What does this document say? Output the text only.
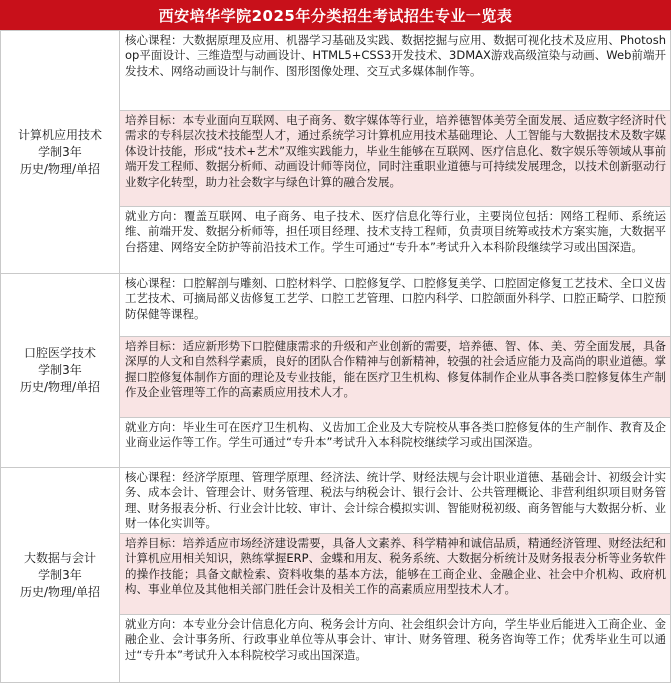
西安培华学院2025年分类招生考试招生专业一览表
计算机应用技术
学制3年
历史/物理/单招	核心课程：大数据原理及应用、机器学习基础及实践、数据挖掘与应用、数据可视化技术及应用、Photoshop平面设计、三维造型与动画设计、HTML5+CSS3开发技术、3DMAX游戏高级渲染与动画、Web前端开发技术、网络动画设计与制作、图形图像处理、交互式多媒体制作等。
	培养目标：本专业面向互联网、电子商务、数字媒体等行业，培养德智体美劳全面发展、适应数字经济时代需求的专科层次技术技能型人才，通过系统学习计算机应用技术基础理论、人工智能与大数据技术及数字媒体设计技能，形成“技术+艺术”双维实践能力，毕业生能够在互联网、医疗信息化、数字娱乐等领域从事前端开发工程师、数据分析师、动画设计师等岗位，同时注重职业道德与可持续发展理念，以技术创新驱动行业数字化转型，助力社会数字与绿色计算的融合发展。
	就业方向：覆盖互联网、电子商务、电子技术、医疗信息化等行业，主要岗位包括：网络工程师、系统运维、前端开发、数据分析师等，担任项目经理、技术支持工程师，负责项目统筹或技术方案实施，大数据平台搭建、网络安全防护等前沿技术工作。学生可通过“专升本”考试升入本科阶段继续学习或出国深造。

口腔医学技术
学制3年
历史/物理/单招	核心课程：口腔解剖与雕刻、口腔材料学、口腔修复学、口腔修复美学、口腔固定修复工艺技术、全口义齿工艺技术、可摘局部义齿修复工艺学、口腔工艺管理、口腔内科学、口腔颌面外科学、口腔正畸学、口腔预防保健等课程。
	培养目标：适应新形势下口腔健康需求的升级和产业创新的需要，培养德、智、体、美、劳全面发展，具备深厚的人文和自然科学素质，良好的团队合作精神与创新精神，较强的社会适应能力及高尚的职业道德。掌握口腔修复体制作方面的理论及专业技能，能在医疗卫生机构、修复体制作企业从事各类口腔修复体生产制作及企业管理等工作的高素质应用技术人才。
	就业方向：毕业生可在医疗卫生机构、义齿加工企业及大专院校从事各类口腔修复体的生产制作、教育及企业商业运作等工作。学生可通过“专升本”考试升入本科院校继续学习或出国深造。

大数据与会计
学制3年
历史/物理/单招	核心课程：经济学原理、管理学原理、经济法、统计学、财经法规与会计职业道德、基础会计、初级会计实务、成本会计、管理会计、财务管理、税法与纳税会计、银行会计、公共管理概论、非营利组织项目财务管理、财务报表分析、行业会计比较、审计、会计综合模拟实训、智能财税初级、商务智能与大数据分析、业财一体化实训等。
	培养目标：培养适应市场经济建设需要，具备人文素养、科学精神和诚信品质，精通经济管理、财经法纪和计算机应用相关知识，熟练掌握ERP、金蝶和用友、税务系统、大数据分析统计及财务报表分析等业务软件的操作技能；具备文献检索、资料收集的基本方法，能够在工商企业、金融企业、社会中介机构、政府机构、事业单位及其他相关部门胜任会计及相关工作的高素质应用型技术人才。
	就业方向：本专业分会计信息化方向、税务会计方向、社会组织会计方向，学生毕业后能进入工商企业、金融企业、会计事务所、行政事业单位等从事会计、审计、财务管理、税务咨询等工作；优秀毕业生可以通过“专升本”考试升入本科院校学习或出国深造。
